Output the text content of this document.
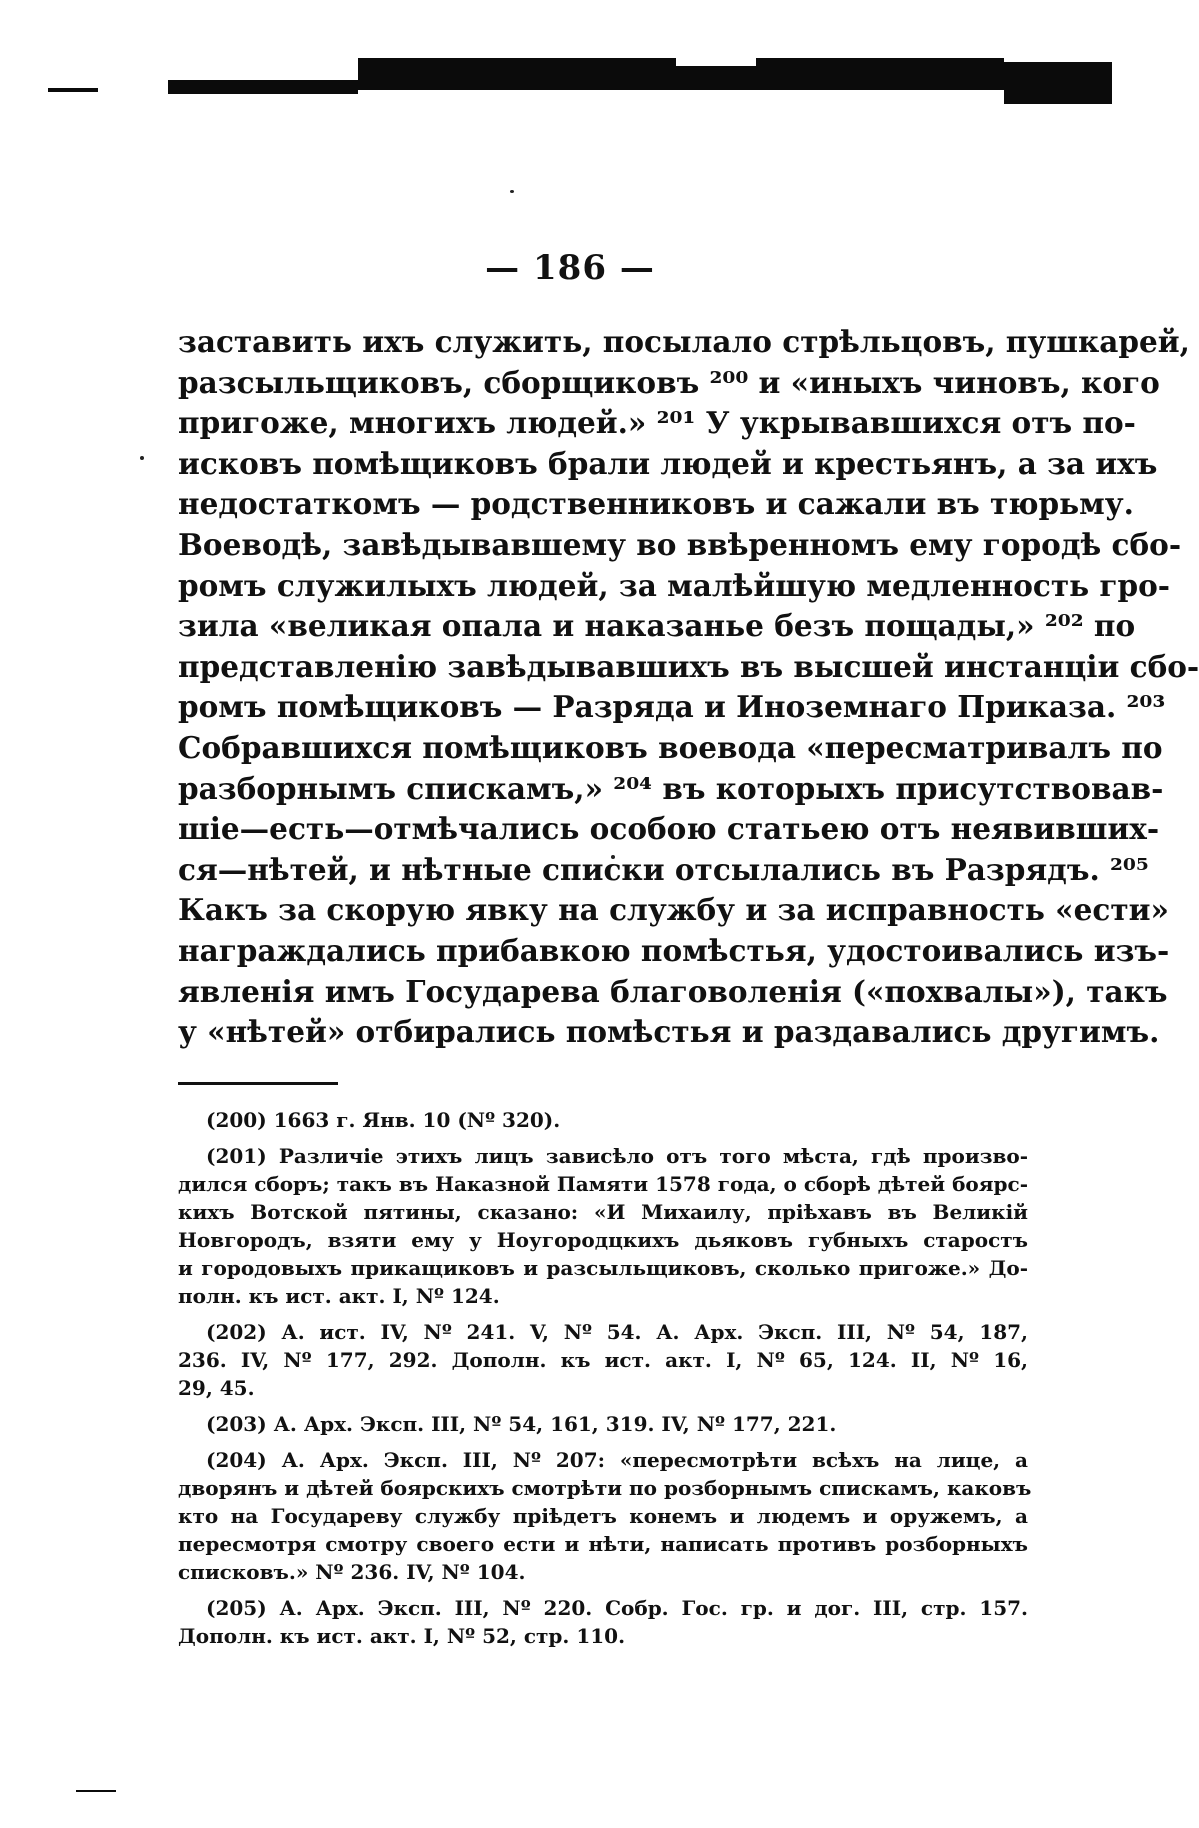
— 186 —
заставить ихъ служить, посылало стрѣльцовъ, пушкарей,
разсыльщиковъ, сборщиковъ ²⁰⁰ и «иныхъ чиновъ, кого
пригоже, многихъ людей.» ²⁰¹ У укрывавшихся отъ по-
исковъ помѣщиковъ брали людей и крестьянъ, а за ихъ
недостаткомъ — родственниковъ и сажали въ тюрьму.
Воеводѣ, завѣдывавшему во ввѣренномъ ему городѣ сбо-
ромъ служилыхъ людей, за малѣйшую медленность гро-
зила «великая опала и наказанье безъ пощады,» ²⁰² по
представленію завѣдывавшихъ въ высшей инстанціи сбо-
ромъ помѣщиковъ — Разряда и Иноземнаго Приказа. ²⁰³
Собравшихся помѣщиковъ воевода «пересматривалъ по
разборнымъ спискамъ,» ²⁰⁴ въ которыхъ присутствовав-
шіе—есть—отмѣчались особою статьею отъ неявивших-
ся—нѣтей, и нѣтные списки отсылались въ Разрядъ. ²⁰⁵
Какъ за скорую явку на службу и за исправность «ести»
награждались прибавкою помѣстья, удостоивались изъ-
явленія имъ Государева благоволенія («похвалы»), такъ
у «нѣтей» отбирались помѣстья и раздавались другимъ.
(200) 1663 г. Янв. 10 (Nº 320).
(201) Различіе этихъ лицъ зависѣло отъ того мѣста, гдѣ произво-
дился сборъ; такъ въ Наказной Памяти 1578 года, о сборѣ дѣтей боярс-
кихъ Вотской пятины, сказано: «И Михаилу, пріѣхавъ въ Великій
Новгородъ, взяти ему у Ноугородцкихъ дьяковъ губныхъ старостъ
и городовыхъ прикащиковъ и разсыльщиковъ, сколько пригоже.» До-
полн. къ ист. акт. I, Nº 124.
(202) А. ист. IV, Nº 241. V, Nº 54. А. Арх. Эксп. III, Nº 54, 187,
236. IV, Nº 177, 292. Дополн. къ ист. акт. I, Nº 65, 124. II, Nº 16,
29, 45.
(203) А. Арх. Эксп. III, Nº 54, 161, 319. IV, Nº 177, 221.
(204) А. Арх. Эксп. III, Nº 207: «пересмотрѣти всѣхъ на лице, а
дворянъ и дѣтей боярскихъ смотрѣти по розборнымъ спискамъ, каковъ
кто на Государеву службу пріѣдетъ конемъ и людемъ и оружемъ, а
пересмотря смотру своего ести и нѣти, написать противъ розборныхъ
списковъ.» Nº 236. IV, Nº 104.
(205) А. Арх. Эксп. III, Nº 220. Собр. Гос. гр. и дог. III, стр. 157.
Дополн. къ ист. акт. I, Nº 52, стр. 110.
